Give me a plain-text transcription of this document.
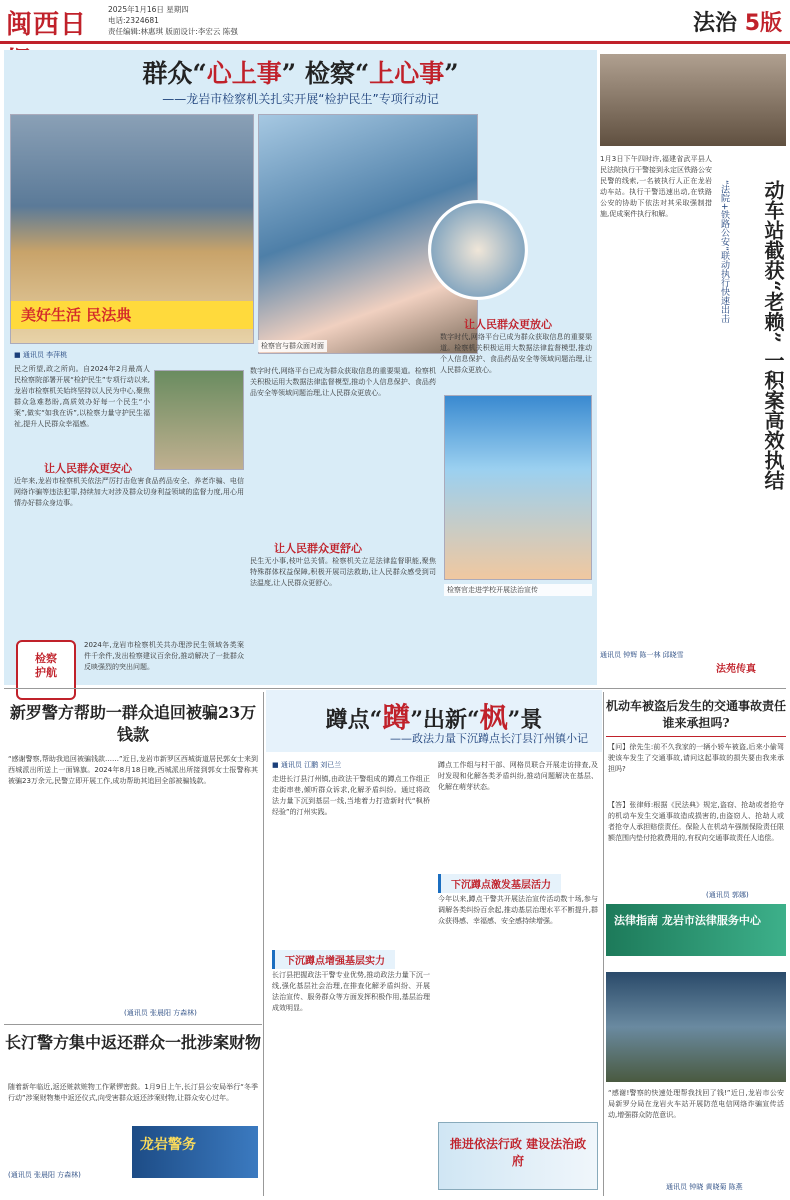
闽西日
2025年1月16日 星期四
电话:2324681
责任编辑:林惠琪 版面设计:李宏云 陈强	法治 5版
群众“心上事” 检察“上心事”
——龙岩市检察机关扎实开展“检护民生”专项行动记
美好生活 民法典
检察官与群众面对面
■ 通讯员 李萍桃
民之所望,政之所向。自2024年2月最高人民检察院部署开展“检护民生”专项行动以来,龙岩市检察机关始终坚持以人民为中心,聚焦群众急难愁盼,高质效办好每一个民生“小案”,做实“如我在诉”,以检察力量守护民生福祉,提升人民群众幸福感。
让人民群众更安心
近年来,龙岩市检察机关依法严厉打击危害食品药品安全、养老诈骗、电信网络诈骗等违法犯罪,持续加大对涉及群众切身利益领域的监督力度,用心用情办好群众身边事。
检察
护航
2024年,龙岩市检察机关共办理涉民生领域各类案件千余件,发出检察建议百余份,推动解决了一批群众反映强烈的突出问题。
数字时代,网络平台已成为群众获取信息的重要渠道。检察机关积极运用大数据法律监督模型,推动个人信息保护、食品药品安全等领域问题治理,让人民群众更放心。
让人民群众更舒心
民生无小事,枝叶总关情。检察机关立足法律监督职能,聚焦特殊群体权益保障,积极开展司法救助,让人民群众感受到司法温度,让人民群众更舒心。
让人民群众更放心
数字时代,网络平台已成为群众获取信息的重要渠道。检察机关积极运用大数据法律监督模型,推动个人信息保护、食品药品安全等领域问题治理,让人民群众更放心。
检察官走进学校开展法治宣传
1月3日下午四时许,福建省武平县人民法院执行干警接到永定区铁路公安民警的线索,一名被执行人正在龙岩动车站。执行干警迅速出动,在铁路公安的协助下依法对其采取强制措施,促成案件执行和解。	“法院+铁路公安”联动执行快速出击	动车站截获“老赖” 一积案高效执结
通讯员 钟辉 陈一林 邱晓雪
法苑传真
新罗警方帮助一群众追回被骗23万钱款
“感谢警察,帮助我追回被骗钱款……”近日,龙岩市新罗区西城街道居民郭女士来到西城派出所送上一面锦旗。2024年8月18日晚,西城派出所接到郭女士报警称其被骗23万余元,民警立即开展工作,成功帮助其追回全部被骗钱款。
(通讯员 张晨阳 方森林)
长汀警方集中返还群众一批涉案财物
随着新年临近,返还赃款赃物工作紧锣密鼓。1月9日上午,长汀县公安局举行“冬季行动”涉案财物集中返还仪式,向受害群众返还涉案财物,让群众安心过年。
(通讯员 张晨阳 方森林)
龙岩警务
蹲点“蹲”出新“枫”景
——政法力量下沉蹲点长汀县汀州镇小记
■ 通讯员 江鹏 刘已兰
走进长汀县汀州镇,由政法干警组成的蹲点工作组正走街串巷,倾听群众诉求,化解矛盾纠纷。通过将政法力量下沉到基层一线,当地着力打造新时代“枫桥经验”的汀州实践。
下沉蹲点增强基层实力
长汀县把握政法干警专业优势,推动政法力量下沉一线,强化基层社会治理,在排查化解矛盾纠纷、开展法治宣传、服务群众等方面发挥积极作用,基层治理成效明显。
蹲点工作组与村干部、网格员联合开展走访排查,及时发现和化解各类矛盾纠纷,推动问题解决在基层、化解在萌芽状态。
下沉蹲点激发基层活力
今年以来,蹲点干警共开展法治宣传活动数十场,参与调解各类纠纷百余起,推动基层治理水平不断提升,群众获得感、幸福感、安全感持续增强。
推进依法行政 建设法治政府
机动车被盗后发生的交通事故责任谁来承担吗?
【问】徐先生:前不久我家的一辆小轿车被盗,后来小偷驾驶该车发生了交通事故,请问这起事故的损失要由我来承担吗?
【答】张律师:根据《民法典》规定,盗窃、抢劫或者抢夺的机动车发生交通事故造成损害的,由盗窃人、抢劫人或者抢夺人承担赔偿责任。保险人在机动车强制保险责任限额范围内垫付抢救费用的,有权向交通事故责任人追偿。
(通讯员 郭娜)
法律指南 龙岩市法律服务中心
“感谢!警察的快速处理帮我找回了钱!”近日,龙岩市公安局新罗分局在龙岩火车站开展防范电信网络诈骗宣传活动,增强群众防范意识。
通讯员 钟晓 黄晓菊 陈燕
